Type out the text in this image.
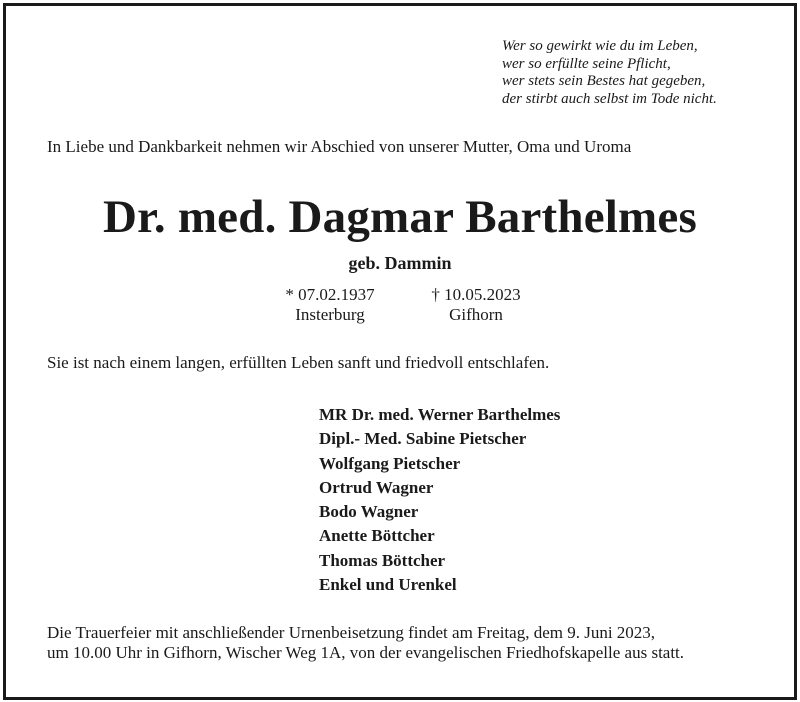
Wer so gewirkt wie du im Leben,
wer so erfüllte seine Pflicht,
wer stets sein Bestes hat gegeben,
der stirbt auch selbst im Tode nicht.
In Liebe und Dankbarkeit nehmen wir Abschied von unserer Mutter, Oma und Uroma
Dr. med. Dagmar Barthelmes
geb. Dammin
* 07.02.1937
Insterburg
† 10.05.2023
Gifhorn
Sie ist nach einem langen, erfüllten Leben sanft und friedvoll entschlafen.
MR Dr. med. Werner Barthelmes
Dipl.- Med. Sabine Pietscher
Wolfgang Pietscher
Ortrud Wagner
Bodo Wagner
Anette Böttcher
Thomas Böttcher
Enkel und Urenkel
Die Trauerfeier mit anschließender Urnenbeisetzung findet am Freitag, dem 9. Juni 2023,
um 10.00 Uhr in Gifhorn, Wischer Weg 1A, von der evangelischen Friedhofskapelle aus statt.
